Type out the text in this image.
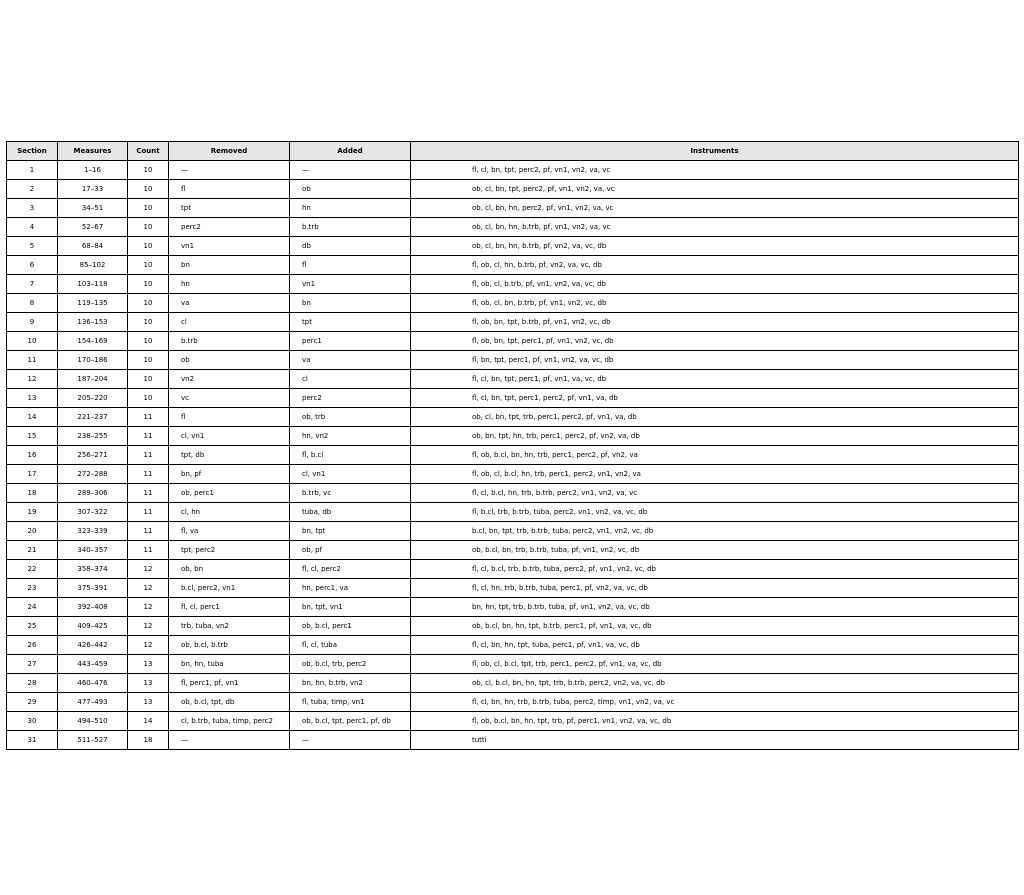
Section	Measures	Count	Removed	Added	Instruments
1	1–16	10	—	—	fl, cl, bn, tpt, perc2, pf, vn1, vn2, va, vc
2	17–33	10	fl	ob	ob, cl, bn, tpt, perc2, pf, vn1, vn2, va, vc
3	34–51	10	tpt	hn	ob, cl, bn, hn, perc2, pf, vn1, vn2, va, vc
4	52–67	10	perc2	b.trb	ob, cl, bn, hn, b.trb, pf, vn1, vn2, va, vc
5	68–84	10	vn1	db	ob, cl, bn, hn, b.trb, pf, vn2, va, vc, db
6	85–102	10	bn	fl	fl, ob, cl, hn, b.trb, pf, vn2, va, vc, db
7	103–118	10	hn	vn1	fl, ob, cl, b.trb, pf, vn1, vn2, va, vc, db
8	119–135	10	va	bn	fl, ob, cl, bn, b.trb, pf, vn1, vn2, vc, db
9	136–153	10	cl	tpt	fl, ob, bn, tpt, b.trb, pf, vn1, vn2, vc, db
10	154–169	10	b.trb	perc1	fl, ob, bn, tpt, perc1, pf, vn1, vn2, vc, db
11	170–186	10	ob	va	fl, bn, tpt, perc1, pf, vn1, vn2, va, vc, db
12	187–204	10	vn2	cl	fl, cl, bn, tpt, perc1, pf, vn1, va, vc, db
13	205–220	10	vc	perc2	fl, cl, bn, tpt, perc1, perc2, pf, vn1, va, db
14	221–237	11	fl	ob, trb	ob, cl, bn, tpt, trb, perc1, perc2, pf, vn1, va, db
15	238–255	11	cl, vn1	hn, vn2	ob, bn, tpt, hn, trb, perc1, perc2, pf, vn2, va, db
16	256–271	11	tpt, db	fl, b.cl	fl, ob, b.cl, bn, hn, trb, perc1, perc2, pf, vn2, va
17	272–288	11	bn, pf	cl, vn1	fl, ob, cl, b.cl, hn, trb, perc1, perc2, vn1, vn2, va
18	289–306	11	ob, perc1	b.trb, vc	fl, cl, b.cl, hn, trb, b.trb, perc2, vn1, vn2, va, vc
19	307–322	11	cl, hn	tuba, db	fl, b.cl, trb, b.trb, tuba, perc2, vn1, vn2, va, vc, db
20	323–339	11	fl, va	bn, tpt	b.cl, bn, tpt, trb, b.trb, tuba, perc2, vn1, vn2, vc, db
21	340–357	11	tpt, perc2	ob, pf	ob, b.cl, bn, trb, b.trb, tuba, pf, vn1, vn2, vc, db
22	358–374	12	ob, bn	fl, cl, perc2	fl, cl, b.cl, trb, b.trb, tuba, perc2, pf, vn1, vn2, vc, db
23	375–391	12	b.cl, perc2, vn1	hn, perc1, va	fl, cl, hn, trb, b.trb, tuba, perc1, pf, vn2, va, vc, db
24	392–408	12	fl, cl, perc1	bn, tpt, vn1	bn, hn, tpt, trb, b.trb, tuba, pf, vn1, vn2, va, vc, db
25	409–425	12	trb, tuba, vn2	ob, b.cl, perc1	ob, b.cl, bn, hn, tpt, b.trb, perc1, pf, vn1, va, vc, db
26	426–442	12	ob, b.cl, b.trb	fl, cl, tuba	fl, cl, bn, hn, tpt, tuba, perc1, pf, vn1, va, vc, db
27	443–459	13	bn, hn, tuba	ob, b.cl, trb, perc2	fl, ob, cl, b.cl, tpt, trb, perc1, perc2, pf, vn1, va, vc, db
28	460–476	13	fl, perc1, pf, vn1	bn, hn, b.trb, vn2	ob, cl, b.cl, bn, hn, tpt, trb, b.trb, perc2, vn2, va, vc, db
29	477–493	13	ob, b.cl, tpt, db	fl, tuba, timp, vn1	fl, cl, bn, hn, trb, b.trb, tuba, perc2, timp, vn1, vn2, va, vc
30	494–510	14	cl, b.trb, tuba, timp, perc2	ob, b.cl, tpt, perc1, pf, db	fl, ob, b.cl, bn, hn, tpt, trb, pf, perc1, vn1, vn2, va, vc, db
31	511–527	18	—	—	tutti
